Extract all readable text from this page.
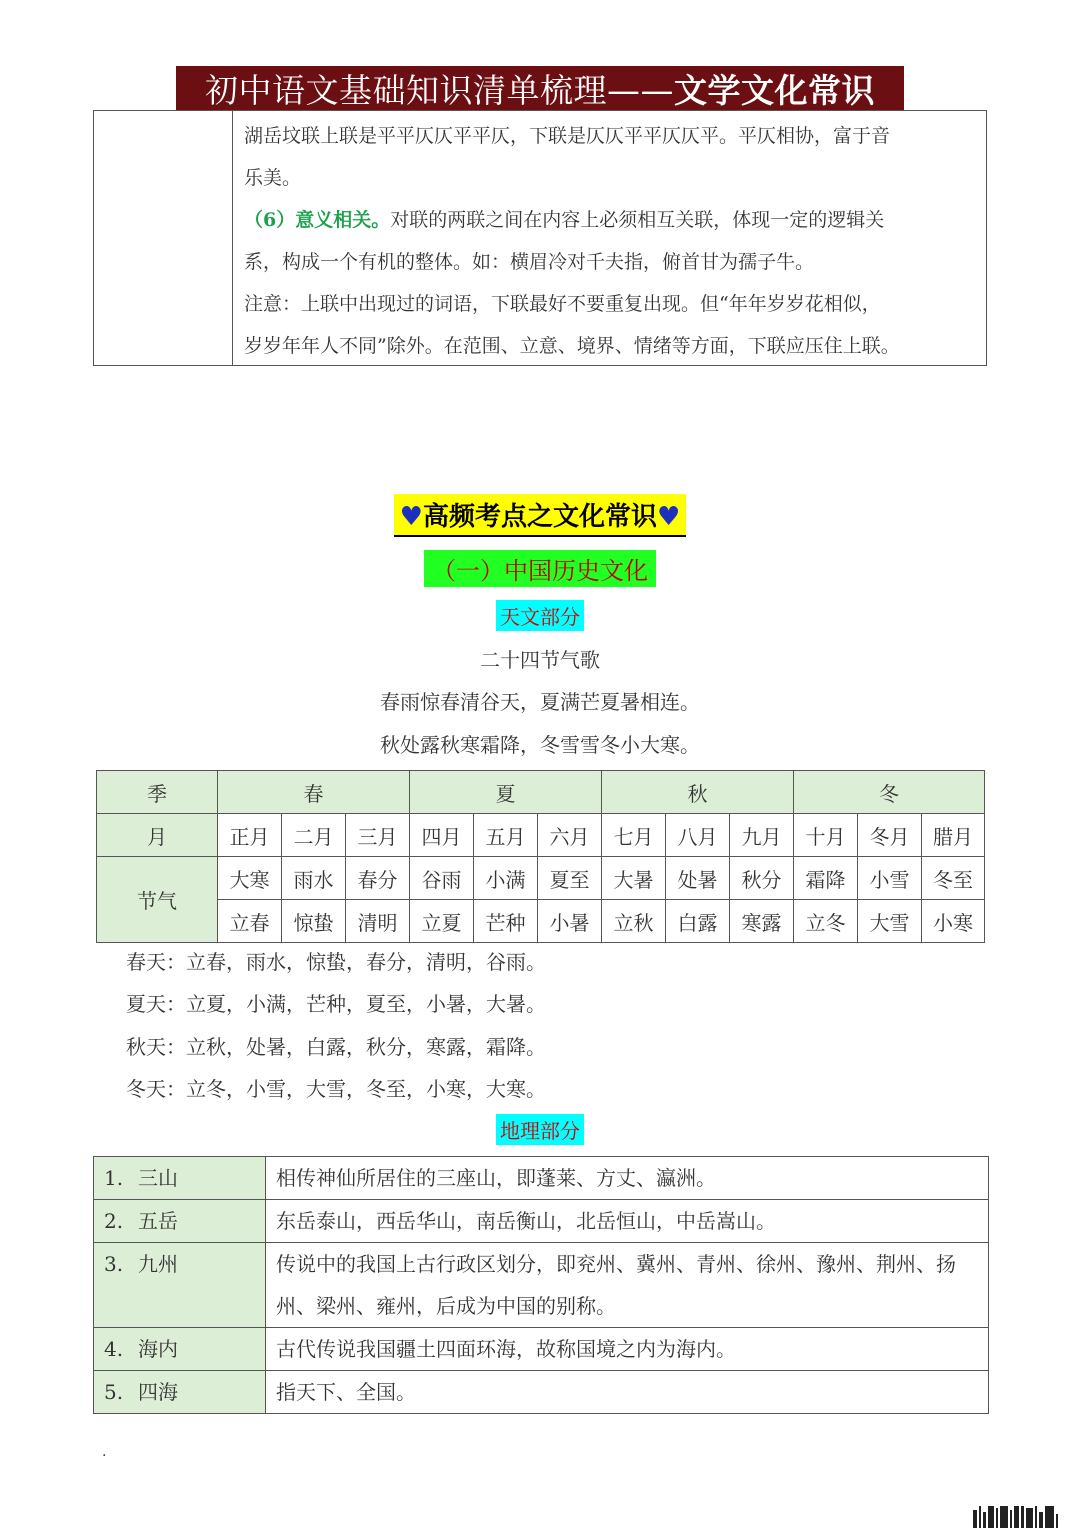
初中语文基础知识清单梳理—— 文学文化常识
湖岳坟联上联是平平仄仄平平仄，下联是仄仄平平仄仄平。平仄相协，富于音
乐美。
（6）意义相关。对联的两联之间在内容上必须相互关联，体现一定的逻辑关
系，构成一个有机的整体。如：横眉冷对千夫指，俯首甘为孺子牛。
注意：上联中出现过的词语，下联最好不要重复出现。但“年年岁岁花相似，
岁岁年年人不同”除外。在范围、立意、境界、情绪等方面，下联应压住上联。
♥高频考点之文化常识♥
（一）中国历史文化
天文部分
二十四节气歌
春雨惊春清谷天，夏满芒夏暑相连。
秋处露秋寒霜降，冬雪雪冬小大寒。
季	春			夏			秋			冬		
月	正月	二月	三月	四月	五月	六月	七月	八月	九月	十月	冬月	腊月
节气	大寒	雨水	春分	谷雨	小满	夏至	大暑	处暑	秋分	霜降	小雪	冬至
	立春	惊蛰	清明	立夏	芒种	小暑	立秋	白露	寒露	立冬	大雪	小寒
春天：立春，雨水，惊蛰，春分，清明，谷雨。
夏天：立夏，小满，芒种，夏至，小暑，大暑。
秋天：立秋，处暑，白露，秋分，寒露，霜降。
冬天：立冬，小雪，大雪，冬至，小寒，大寒。
地理部分
1. 三山	相传神仙所居住的三座山，即蓬莱、方丈、瀛洲。
2. 五岳	东岳泰山，西岳华山，南岳衡山，北岳恒山，中岳嵩山。
3. 九州	传说中的我国上古行政区划分，即兖州、冀州、青州、徐州、豫州、荆州、扬州、梁州、雍州，后成为中国的别称。
4. 海内	古代传说我国疆土四面环海，故称国境之内为海内。
5. 四海	指天下、全国。
.
